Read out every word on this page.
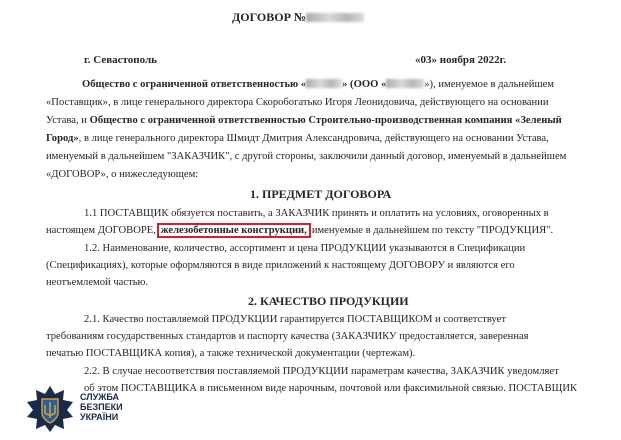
ДОГОВОР №
г. Севастополь	«03» ноября 2022г.
Общество с ограниченной ответственностью «	» (ООО «	»), именуемое в дальнейшем
«Поставщик», в лице генерального директора Скоробогатько Игоря Леонидовича, действующего на основании
Устава, и Общество с ограниченной ответственностью Строительно-производственная компания «Зеленый
Город», в лице генерального директора Шмидт Дмитрия Александровича, действующего на основании Устава,
именуемый в дальнейшем "ЗАКАЗЧИК", с другой стороны, заключили данный договор, именуемый в дальнейшем
«ДОГОВОР», о нижеследующем:
1. ПРЕДМЕТ ДОГОВОРА
1.1 ПОСТАВЩИК обязуется поставить, а ЗАКАЗЧИК принять и оплатить на условиях, оговоренных в
настоящем ДОГОВОРЕ, железобетонные конструкции, именуемые в дальнейшем по тексту "ПРОДУКЦИЯ".
1.2. Наименование, количество, ассортимент и цена ПРОДУКЦИИ указываются в Спецификации
(Спецификациях), которые оформляются в виде приложений к настоящему ДОГОВОРУ и являются его
неотъемлемой частью.
2. КАЧЕСТВО ПРОДУКЦИИ
2.1. Качество поставляемой ПРОДУКЦИИ гарантируется ПОСТАВЩИКОМ и соответствует
требованиям государственных стандартов и паспорту качества (ЗАКАЗЧИКУ предоставляется, заверенная
печатью ПОСТАВЩИКА копия), а также технической документации (чертежам).
2.2. В случае несоответствия поставляемой ПРОДУКЦИИ параметрам качества, ЗАКАЗЧИК уведомляет
об этом ПОСТАВЩИКА в письменном виде нарочным, почтовой или факсимильной связью. ПОСТАВЩИК
СЛУЖБА
БЕЗПЕКИ
УКРАЇНИ
